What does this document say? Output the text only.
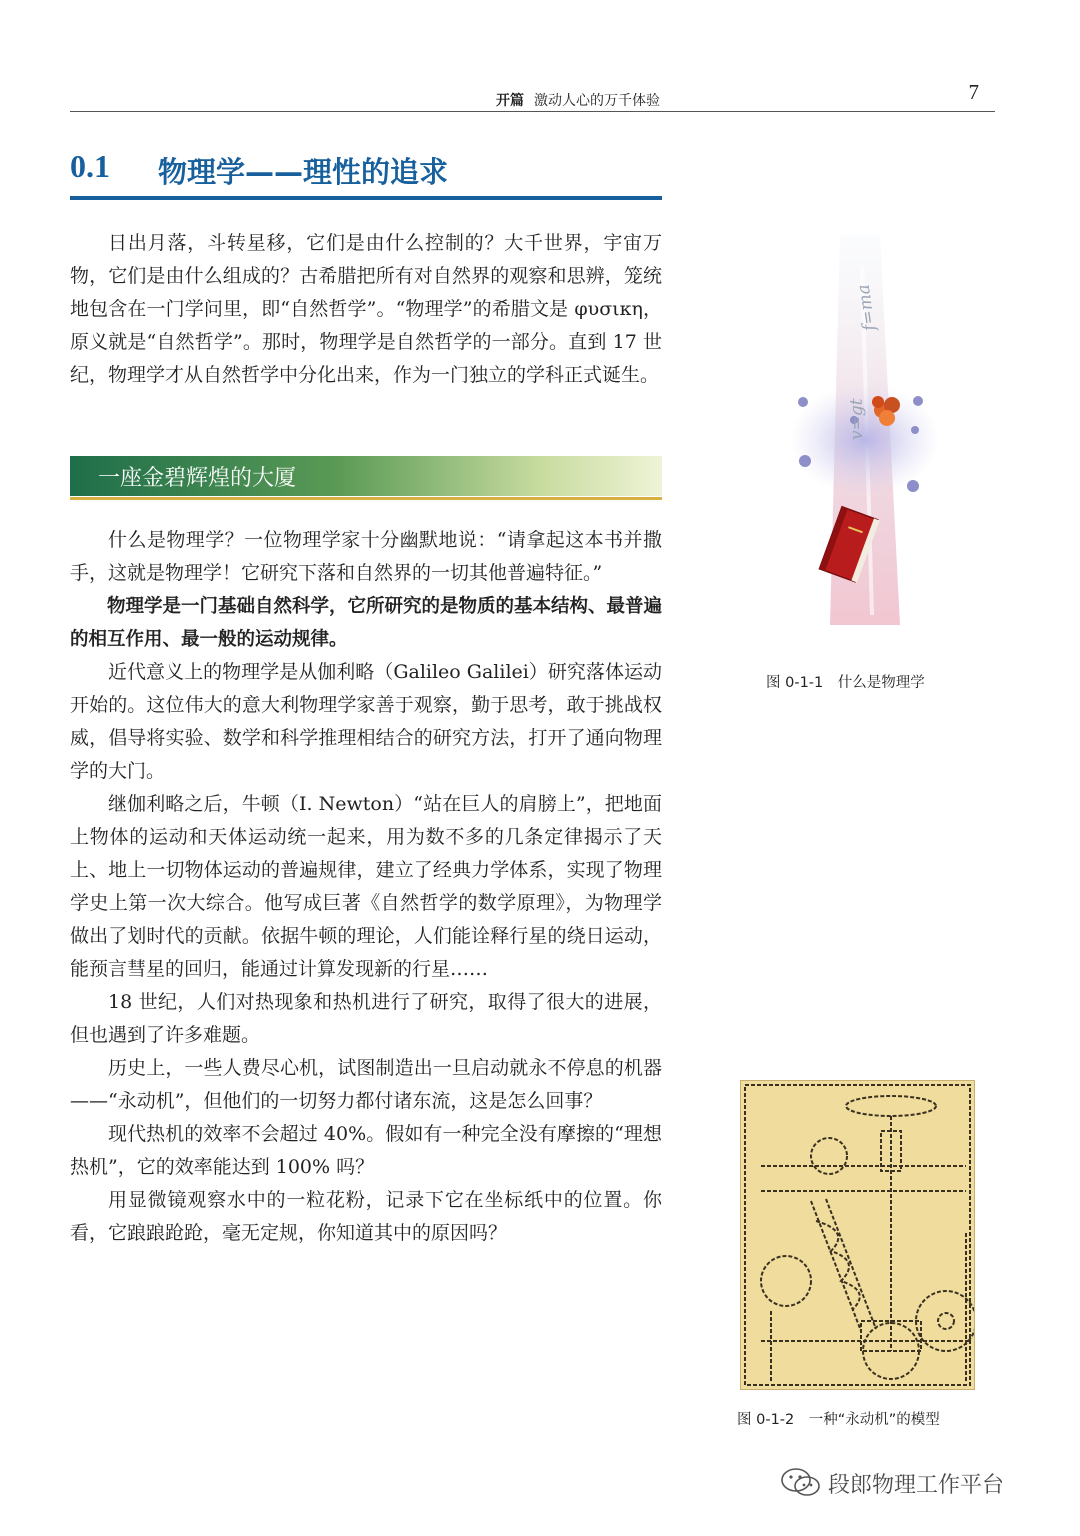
开篇 激动人心的万千体验	7
0.1 物理学——理性的追求

日出月落，斗转星移，它们是由什么控制的？大千世界，宇宙万物，它们是由什么组成的？古希腊把所有对自然界的观察和思辨，笼统地包含在一门学问里，即“自然哲学”。“物理学”的希腊文是 φυσικη，原义就是“自然哲学”。那时，物理学是自然哲学的一部分。直到 17 世纪，物理学才从自然哲学中分化出来，作为一门独立的学科正式诞生。

一座金碧辉煌的大厦

什么是物理学？一位物理学家十分幽默地说：“请拿起这本书并撒手，这就是物理学！它研究下落和自然界的一切其他普遍特征。”

物理学是一门基础自然科学，它所研究的是物质的基本结构、最普遍的相互作用、最一般的运动规律。

近代意义上的物理学是从伽利略（Galileo Galilei）研究落体运动开始的。这位伟大的意大利物理学家善于观察，勤于思考，敢于挑战权威，倡导将实验、数学和科学推理相结合的研究方法，打开了通向物理学的大门。

继伽利略之后，牛顿（I. Newton）“站在巨人的肩膀上”，把地面上物体的运动和天体运动统一起来，用为数不多的几条定律揭示了天上、地上一切物体运动的普遍规律，建立了经典力学体系，实现了物理学史上第一次大综合。他写成巨著《自然哲学的数学原理》，为物理学做出了划时代的贡献。依据牛顿的理论，人们能诠释行星的绕日运动，能预言彗星的回归，能通过计算发现新的行星……

18 世纪，人们对热现象和热机进行了研究，取得了很大的进展，但也遇到了许多难题。

历史上，一些人费尽心机，试图制造出一旦启动就永不停息的机器——“永动机”，但他们的一切努力都付诸东流，这是怎么回事？

现代热机的效率不会超过 40%。假如有一种完全没有摩擦的“理想热机”，它的效率能达到 100% 吗？

用显微镜观察水中的一粒花粉，记录下它在坐标纸中的位置。你看，它踉踉跄跄，毫无定规，你知道其中的原因吗？

v=gt
f=ma
图 0-1-1　什么是物理学
图 0-1-2　一种“永动机”的模型
段郎物理工作平台
